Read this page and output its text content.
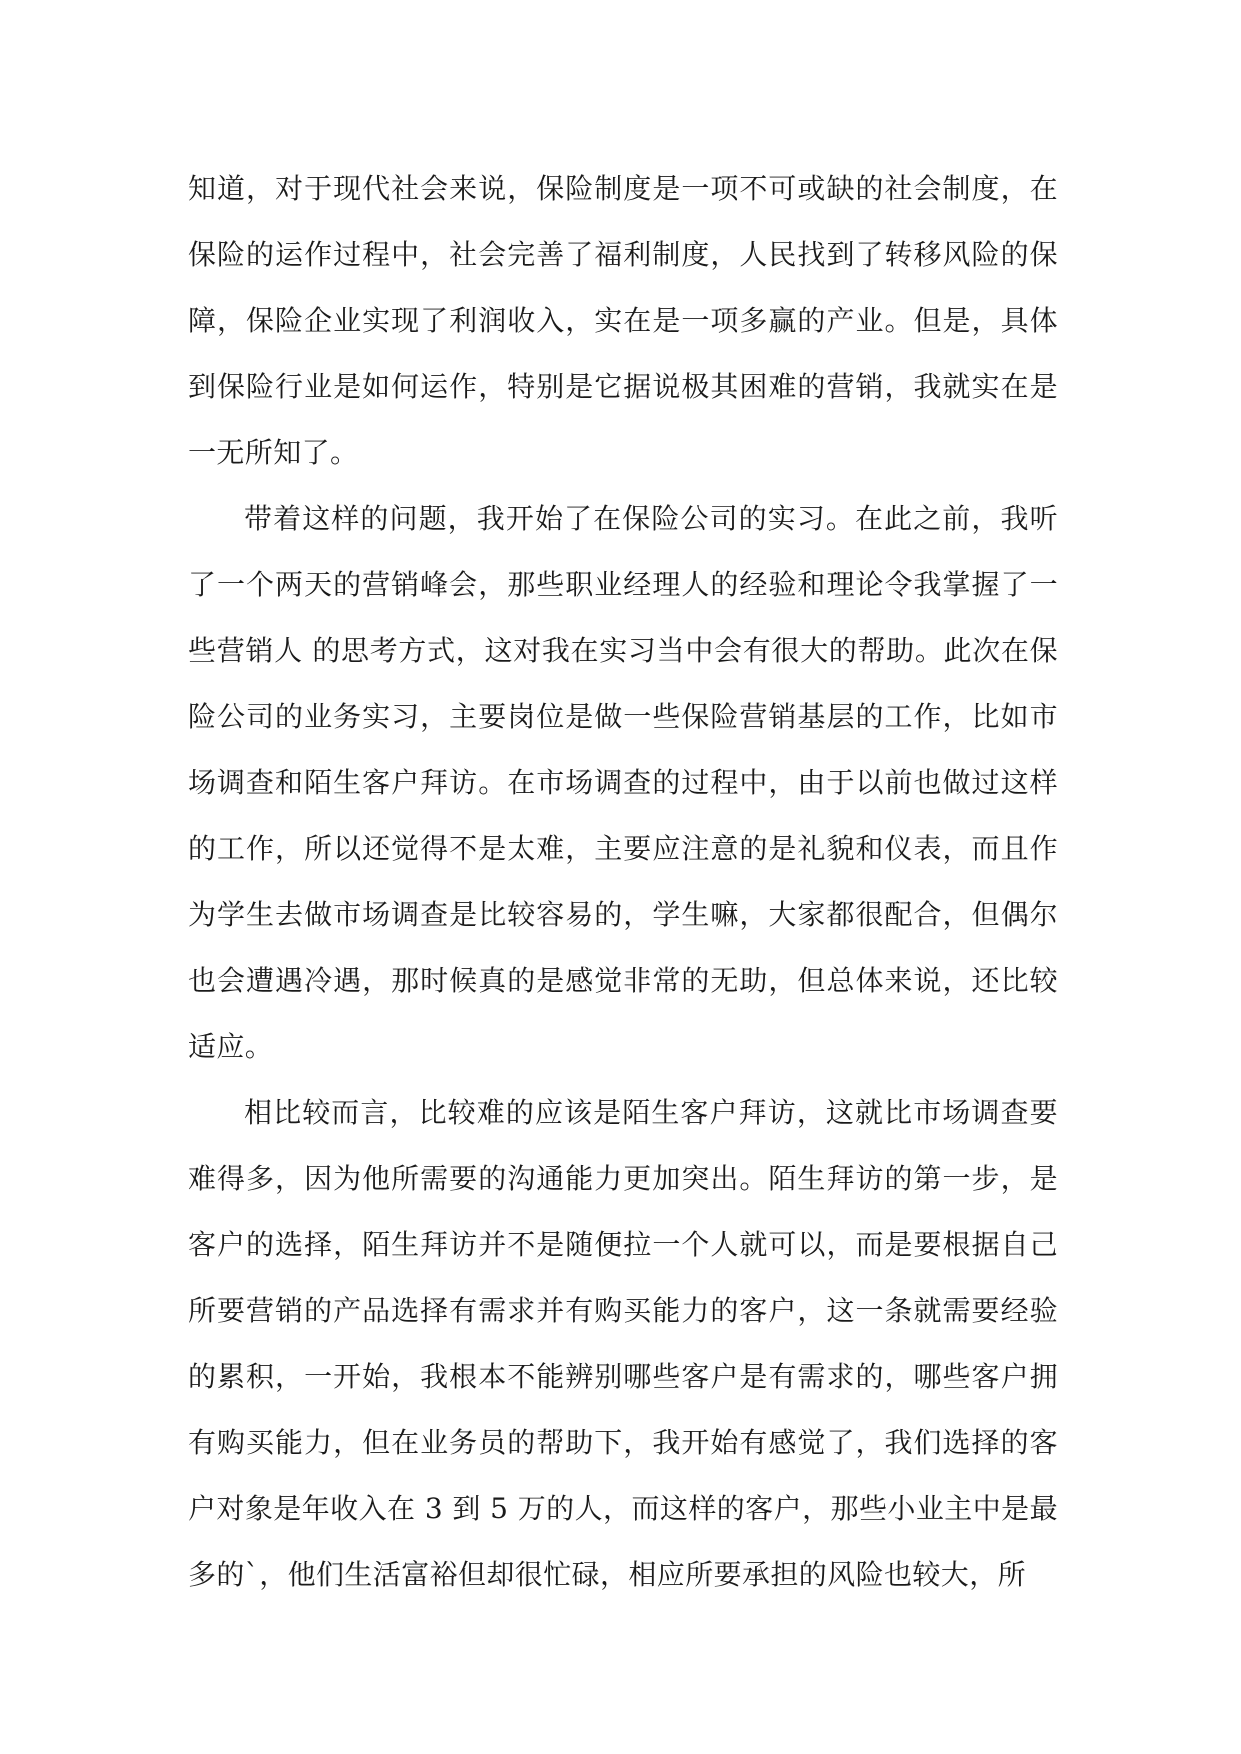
知道，对于现代社会来说，保险制度是一项不可或缺的社会制度，在保险的运作过程中，社会完善了福利制度，人民找到了转移风险的保障，保险企业实现了利润收入，实在是一项多赢的产业。但是，具体到保险行业是如何运作，特别是它据说极其困难的营销，我就实在是一无所知了。

带着这样的问题，我开始了在保险公司的实习。在此之前，我听了一个两天的营销峰会，那些职业经理人的经验和理论令我掌握了一些营销人 的思考方式，这对我在实习当中会有很大的帮助。此次在保险公司的业务实习，主要岗位是做一些保险营销基层的工作，比如市场调查和陌生客户拜访。在市场调查的过程中，由于以前也做过这样的工作，所以还觉得不是太难，主要应注意的是礼貌和仪表，而且作为学生去做市场调查是比较容易的，学生嘛，大家都很配合，但偶尔也会遭遇冷遇，那时候真的是感觉非常的无助，但总体来说，还比较适应。

相比较而言，比较难的应该是陌生客户拜访，这就比市场调查要难得多，因为他所需要的沟通能力更加突出。陌生拜访的第一步，是客户的选择，陌生拜访并不是随便拉一个人就可以，而是要根据自己所要营销的产品选择有需求并有购买能力的客户，这一条就需要经验的累积，一开始，我根本不能辨别哪些客户是有需求的，哪些客户拥有购买能力，但在业务员的帮助下，我开始有感觉了，我们选择的客户对象是年收入在 3 到 5 万的人，而这样的客户，那些小业主中是最多的`，他们生活富裕但却很忙碌，相应所要承担的风险也较大，所
